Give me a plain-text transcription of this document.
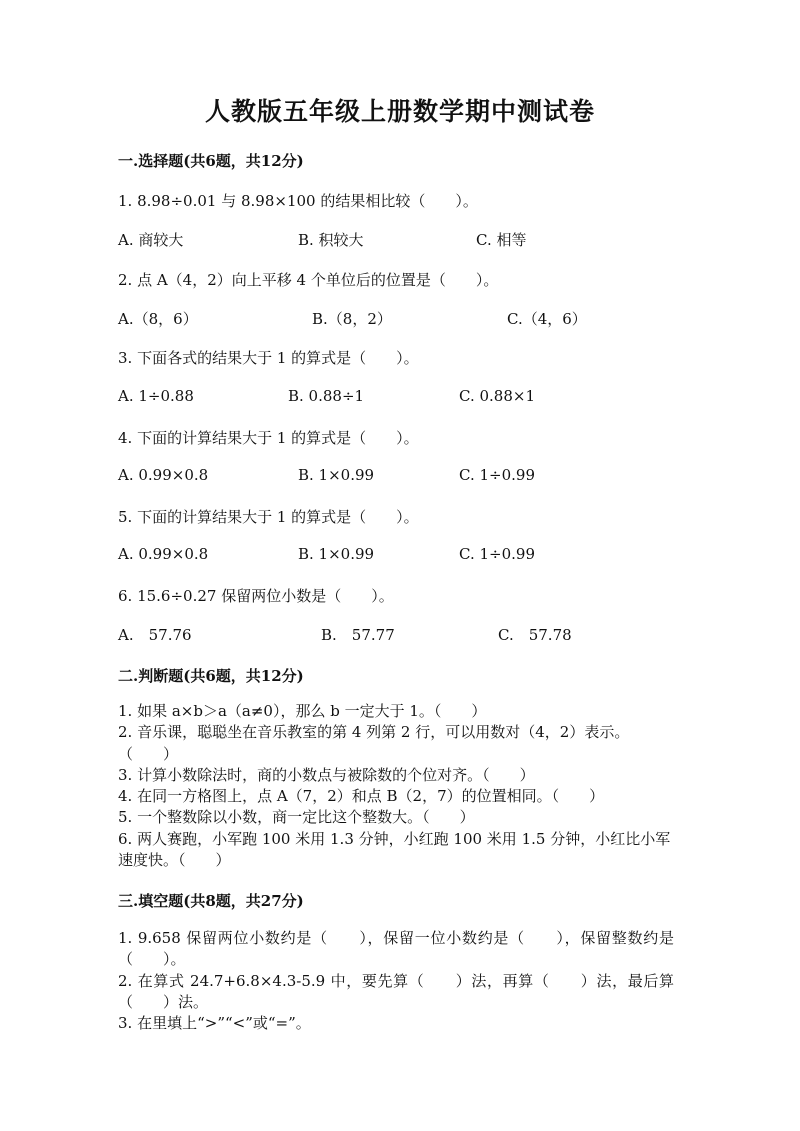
人教版五年级上册数学期中测试卷
一.选择题(共6题，共12分)
1. 8.98÷0.01 与 8.98×100 的结果相比较（　　）。
A. 商较大	B. 积较大	C. 相等
2. 点 A（4，2）向上平移 4 个单位后的位置是（　　）。
A.（8，6）	B.（8，2）	C.（4，6）
3. 下面各式的结果大于 1 的算式是（　　）。
A. 1÷0.88	B. 0.88÷1	C. 0.88×1
4. 下面的计算结果大于 1 的算式是（　　）。
A. 0.99×0.8	B. 1×0.99	C. 1÷0.99
5. 下面的计算结果大于 1 的算式是（　　）。
A. 0.99×0.8	B. 1×0.99	C. 1÷0.99
6. 15.6÷0.27 保留两位小数是（　　）。
A.　57.76	B.　57.77	C.　57.78
二.判断题(共6题，共12分)
1. 如果 a×b＞a（a≠0），那么 b 一定大于 1。（　　）
2. 音乐课，聪聪坐在音乐教室的第 4 列第 2 行，可以用数对（4，2）表示。（　　）
3. 计算小数除法时，商的小数点与被除数的个位对齐。（　　）
4. 在同一方格图上，点 A（7，2）和点 B（2，7）的位置相同。（　　）
5. 一个整数除以小数，商一定比这个整数大。（　　）
6. 两人赛跑，小军跑 100 米用 1.3 分钟，小红跑 100 米用 1.5 分钟，小红比小军速度快。（　　）
三.填空题(共8题，共27分)
1. 9.658 保留两位小数约是（　　），保留一位小数约是（　　），保留整数约是（　　）。
2. 在算式 24.7+6.8×4.3-5.9 中，要先算（　　）法，再算（　　）法，最后算（　　）法。
3. 在里填上“>”“<”或“=”。
